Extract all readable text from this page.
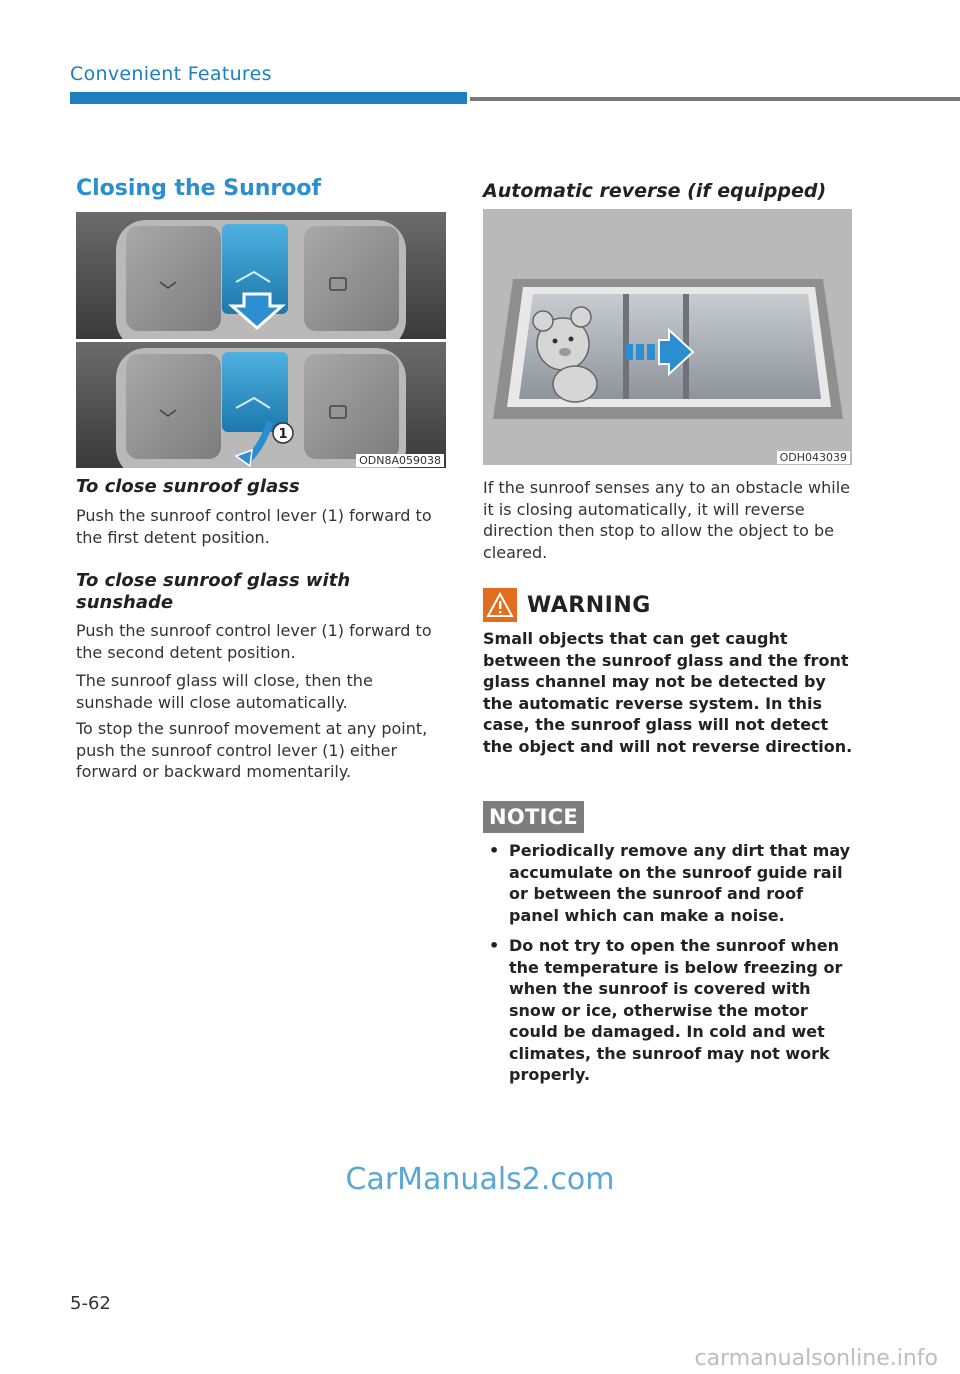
Convenient Features
Closing the Sunroof
1
ODN8A059038
To close sunroof glass

Push the sunroof control lever (1) forward to the first detent position.

To close sunroof glass with sunshade

Push the sunroof control lever (1) forward to the second detent position.

The sunroof glass will close, then the sunshade will close automatically.

To stop the sunroof movement at any point, push the sunroof control lever (1) either forward or backward momentarily.

Automatic reverse (if equipped)
ODH043039

If the sunroof senses any to an obstacle while it is closing automatically, it will reverse direction then stop to allow the object to be cleared.

WARNING
Small objects that can get caught between the sunroof glass and the front glass channel may not be detected by the automatic reverse system. In this case, the sunroof glass will not detect the object and will not reverse direction.
NOTICE
• Periodically remove any dirt that may accumulate on the sunroof guide rail or between the sunroof and roof panel which can make a noise.
• Do not try to open the sunroof when the temperature is below freezing or when the sunroof is covered with snow or ice, otherwise the motor could be damaged. In cold and wet climates, the sunroof may not work properly.
CarManuals2.com
5-62
carmanualsonline.info
